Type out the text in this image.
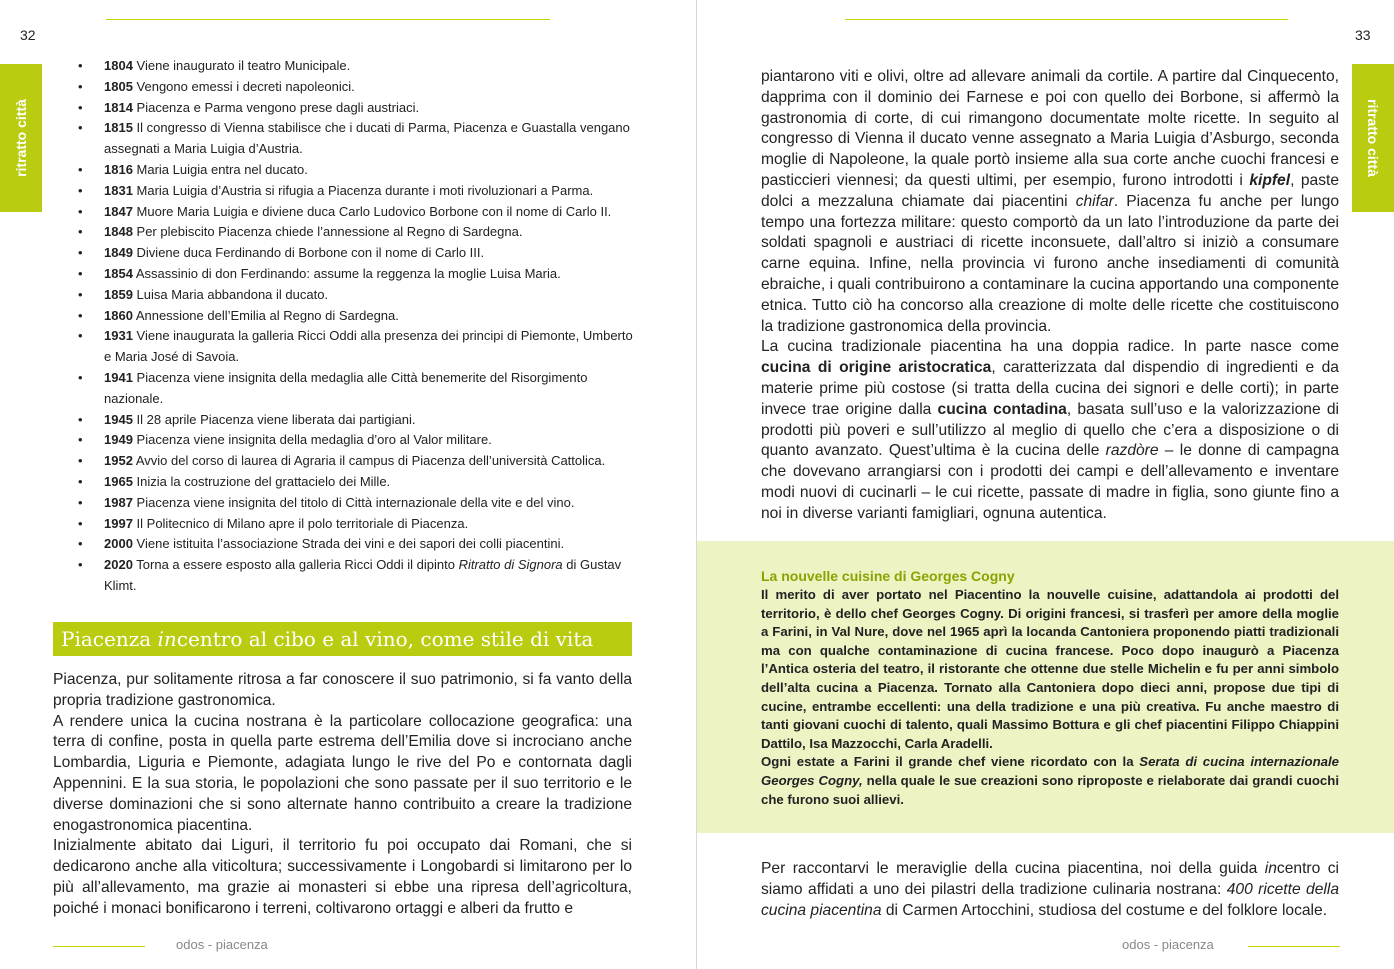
32
ritratto città
• 1804 Viene inaugurato il teatro Municipale.
• 1805 Vengono emessi i decreti napoleonici.
• 1814 Piacenza e Parma vengono prese dagli austriaci.
• 1815 Il congresso di Vienna stabilisce che i ducati di Parma, Piacenza e Guastalla vengano assegnati a Maria Luigia d’Austria.
• 1816 Maria Luigia entra nel ducato.
• 1831 Maria Luigia d’Austria si rifugia a Piacenza durante i moti rivoluzionari a Parma.
• 1847 Muore Maria Luigia e diviene duca Carlo Ludovico Borbone con il nome di Carlo II.
• 1848 Per plebiscito Piacenza chiede l’annessione al Regno di Sardegna.
• 1849 Diviene duca Ferdinando di Borbone con il nome di Carlo III.
• 1854 Assassinio di don Ferdinando: assume la reggenza la moglie Luisa Maria.
• 1859 Luisa Maria abbandona il ducato.
• 1860 Annessione dell’Emilia al Regno di Sardegna.
• 1931 Viene inaugurata la galleria Ricci Oddi alla presenza dei principi di Piemonte, Umberto e Maria José di Savoia.
• 1941 Piacenza viene insignita della medaglia alle Città benemerite del Risorgimento nazionale.
• 1945 Il 28 aprile Piacenza viene liberata dai partigiani.
• 1949 Piacenza viene insignita della medaglia d’oro al Valor militare.
• 1952 Avvio del corso di laurea di Agraria il campus di Piacenza dell’università Cattolica.
• 1965 Inizia la costruzione del grattacielo dei Mille.
• 1987 Piacenza viene insignita del titolo di Città internazionale della vite e del vino.
• 1997 Il Politecnico di Milano apre il polo territoriale di Piacenza.
• 2000 Viene istituita l’associazione Strada dei vini e dei sapori dei colli piacentini.
• 2020 Torna a essere esposto alla galleria Ricci Oddi il dipinto Ritratto di Signora di Gustav Klimt.
Piacenza incentro al cibo e al vino, come stile di vita

Piacenza, pur solitamente ritrosa a far conoscere il suo patrimonio, si fa vanto della propria tradizione gastronomica.

A rendere unica la cucina nostrana è la particolare collocazione geografica: una terra di confine, posta in quella parte estrema dell’Emilia dove si incrociano anche Lombardia, Liguria e Piemonte, adagiata lungo le rive del Po e contornata dagli Appennini. E la sua storia, le popolazioni che sono passate per il suo territorio e le diverse dominazioni che si sono alternate hanno contribuito a creare la tradizione enogastronomica piacentina.

Inizialmente abitato dai Liguri, il territorio fu poi occupato dai Romani, che si dedicarono anche alla viticoltura; successivamente i Longobardi si limitarono per lo più all’allevamento, ma grazie ai monasteri si ebbe una ripresa dell’agricoltura, poiché i monaci bonificarono i terreni, coltivarono ortaggi e alberi da frutto e

odos - piacenza
33
ritratto città

piantarono viti e olivi, oltre ad allevare animali da cortile. A partire dal Cinquecento, dapprima con il dominio dei Farnese e poi con quello dei Borbone, si affermò la gastronomia di corte, di cui rimangono documentate molte ricette. In seguito al congresso di Vienna il ducato venne assegnato a Maria Luigia d’Asburgo, seconda moglie di Napoleone, la quale portò insieme alla sua corte anche cuochi francesi e pasticcieri viennesi; da questi ultimi, per esempio, furono introdotti i kipfel, paste dolci a mezzaluna chiamate dai piacentini chifar. Piacenza fu anche per lungo tempo una fortezza militare: questo comportò da un lato l’introduzione da parte dei soldati spagnoli e austriaci di ricette inconsuete, dall’altro si iniziò a consumare carne equina. Infine, nella provincia vi furono anche insediamenti di comunità ebraiche, i quali contribuirono a contaminare la cucina apportando una componente etnica. Tutto ciò ha concorso alla creazione di molte delle ricette che costituiscono la tradizione gastronomica della provincia.

La cucina tradizionale piacentina ha una doppia radice. In parte nasce come cucina di origine aristocratica, caratterizzata dal dispendio di ingredienti e da materie prime più costose (si tratta della cucina dei signori e delle corti); in parte invece trae origine dalla cucina contadina, basata sull’uso e la valorizzazione di prodotti più poveri e sull’utilizzo al meglio di quello che c’era a disposizione o di quanto avanzato. Quest’ultima è la cucina delle razdòre – le donne di campagna che dovevano arrangiarsi con i prodotti dei campi e dell’allevamento e inventare modi nuovi di cucinarli – le cui ricette, passate di madre in figlia, sono giunte fino a noi in diverse varianti famigliari, ognuna autentica.

La nouvelle cuisine di Georges Cogny
Il merito di aver portato nel Piacentino la nouvelle cuisine, adattandola ai prodotti del territorio, è dello chef Georges Cogny. Di origini francesi, si trasferì per amore della moglie a Farini, in Val Nure, dove nel 1965 aprì la locanda Cantoniera proponendo piatti tradizionali ma con qualche contaminazione di cucina francese. Poco dopo inaugurò a Piacenza l’Antica osteria del teatro, il ristorante che ottenne due stelle Michelin e fu per anni simbolo dell’alta cucina a Piacenza. Tornato alla Cantoniera dopo dieci anni, propose due tipi di cucine, entrambe eccellenti: una della tradizione e una più creativa. Fu anche maestro di tanti giovani cuochi di talento, quali Massimo Bottura e gli chef piacentini Filippo Chiappini Dattilo, Isa Mazzocchi, Carla Aradelli.
Ogni estate a Farini il grande chef viene ricordato con la Serata di cucina internazionale Georges Cogny, nella quale le sue creazioni sono riproposte e rielaborate dai grandi cuochi che furono suoi allievi.

Per raccontarvi le meraviglie della cucina piacentina, noi della guida incentro ci siamo affidati a uno dei pilastri della tradizione culinaria nostrana: 400 ricette della cucina piacentina di Carmen Artocchini, studiosa del costume e del folklore locale.

odos - piacenza
